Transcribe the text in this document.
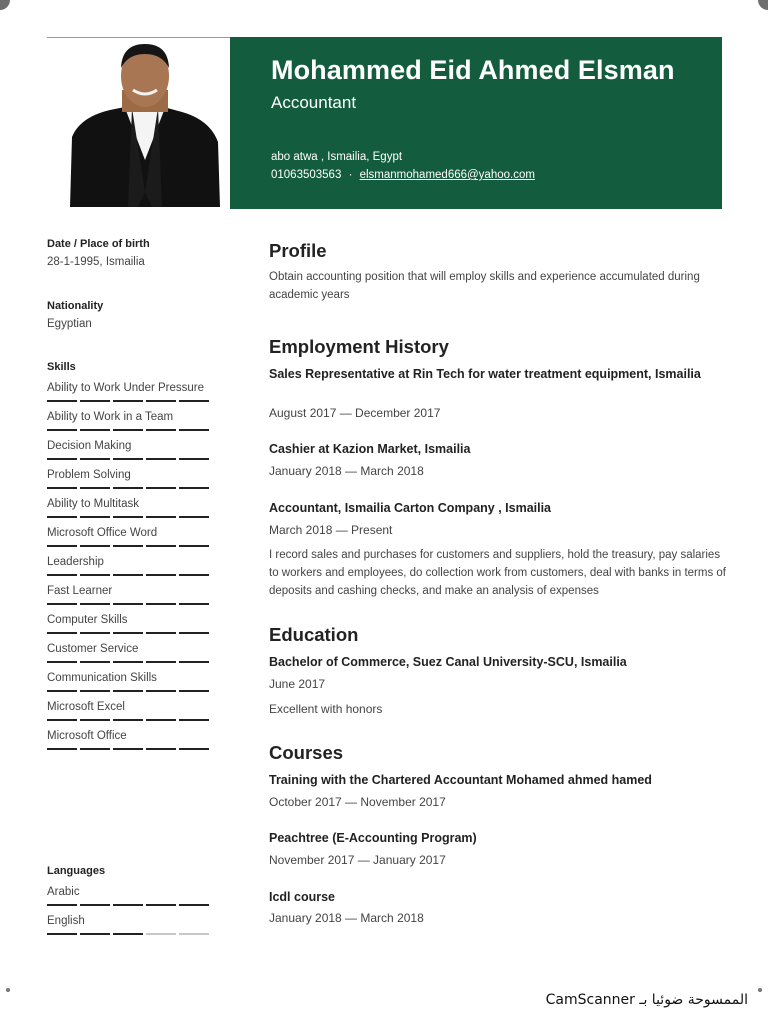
Mohammed Eid Ahmed Elsman
Accountant
abo atwa , Ismailia, Egypt
01063503563 · elsmanmohamed666@yahoo.com
Date / Place of birth
28-1-1995, Ismailia
Nationality
Egyptian
Skills
Ability to Work Under Pressure
Ability to Work in a Team
Decision Making
Problem Solving
Ability to Multitask
Microsoft Office Word
Leadership
Fast Learner
Computer Skills
Customer Service
Communication Skills
Microsoft Excel
Microsoft Office
Languages
Arabic
English
Profile
Obtain accounting position that will employ skills and experience accumulated during academic years
Employment History
Sales Representative at Rin Tech for water treatment equipment, Ismailia
August 2017 — December 2017
Cashier at Kazion Market, Ismailia
January 2018 — March 2018
Accountant, Ismailia Carton Company , Ismailia
March 2018 — Present
I record sales and purchases for customers and suppliers, hold the treasury, pay salaries to workers and employees, do collection work from customers, deal with banks in terms of deposits and cashing checks, and make an analysis of expenses
Education
Bachelor of Commerce, Suez Canal University-SCU, Ismailia
June 2017
Excellent with honors
Courses
Training with the Chartered Accountant Mohamed ahmed hamed
October 2017 — November 2017
Peachtree (E-Accounting Program)
November 2017 — January 2017
Icdl course
January 2018 — March 2018
CamScanner الممسوحة ضوئيا بـ
